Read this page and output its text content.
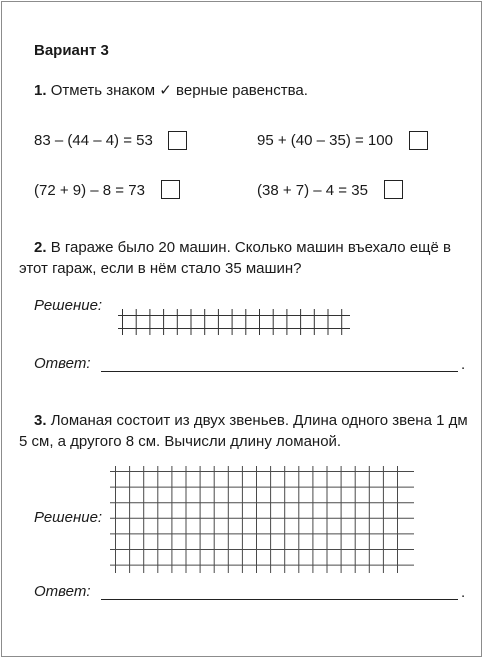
Вариант 3
1. Отметь знаком ✓ верные равенства.
83 – (44 – 4) = 53	95 + (40 – 35) = 100
(72 + 9) – 8 = 73	(38 + 7) – 4 = 35
2. В гараже было 20 машин. Сколько машин въехало ещё в этот гараж, если в нём стало 35 машин?
Решение:
Ответ:	.
3. Ломаная состоит из двух звеньев. Длина одного звена 1 дм 5 см, а другого 8 см. Вычисли длину ломаной.
Решение:
Ответ:	.
